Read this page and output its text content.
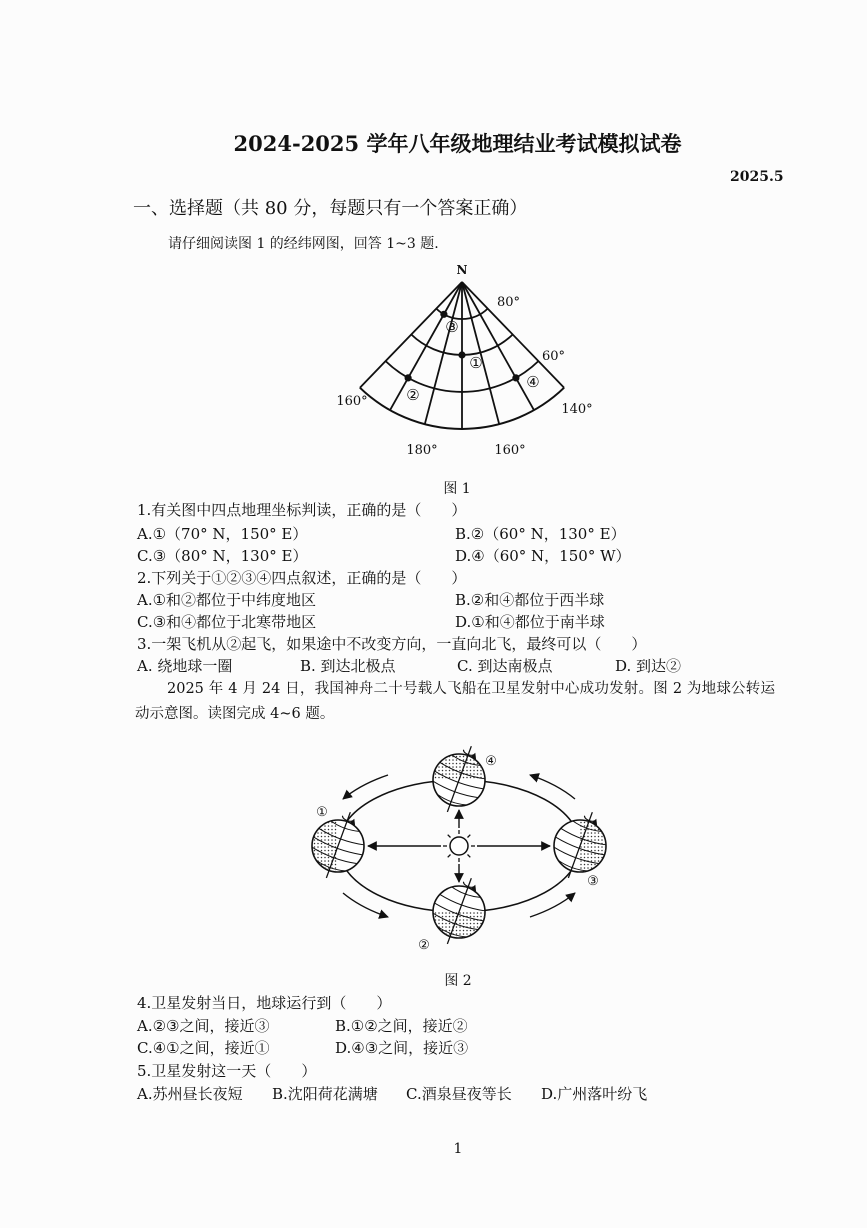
2024-2025 学年八年级地理结业考试模拟试卷
2025.5
一、选择题（共 80 分，每题只有一个答案正确）
请仔细阅读图 1 的经纬网图，回答 1~3 题.
N
80°
60°
160°
140°
180°	160°
①
②
③
④
图 1
1.有关图中四点地理坐标判读，正确的是（　　）
A.①（70° N，150° E）	B.②（60° N，130° E）
C.③（80° N，130° E）	D.④（60° N，150° W）
2.下列关于①②③④四点叙述，正确的是（　　）
A.①和②都位于中纬度地区	B.②和④都位于西半球
C.③和④都位于北寒带地区	D.①和④都位于南半球
3.一架飞机从②起飞，如果途中不改变方向，一直向北飞，最终可以（　　）
A. 绕地球一圈	B. 到达北极点	C. 到达南极点	D. 到达②
2025 年 4 月 24 日，我国神舟二十号载人飞船在卫星发射中心成功发射。图 2 为地球公转运动示意图。读图完成 4~6 题。
①
②
③
④
图 2
4.卫星发射当日，地球运行到（　　）
A.②③之间，接近③	B.①②之间，接近②
C.④①之间，接近①	D.④③之间，接近③
5.卫星发射这一天（　　）
A.苏州昼长夜短 B.沈阳荷花满塘 C.酒泉昼夜等长 D.广州落叶纷飞
1
